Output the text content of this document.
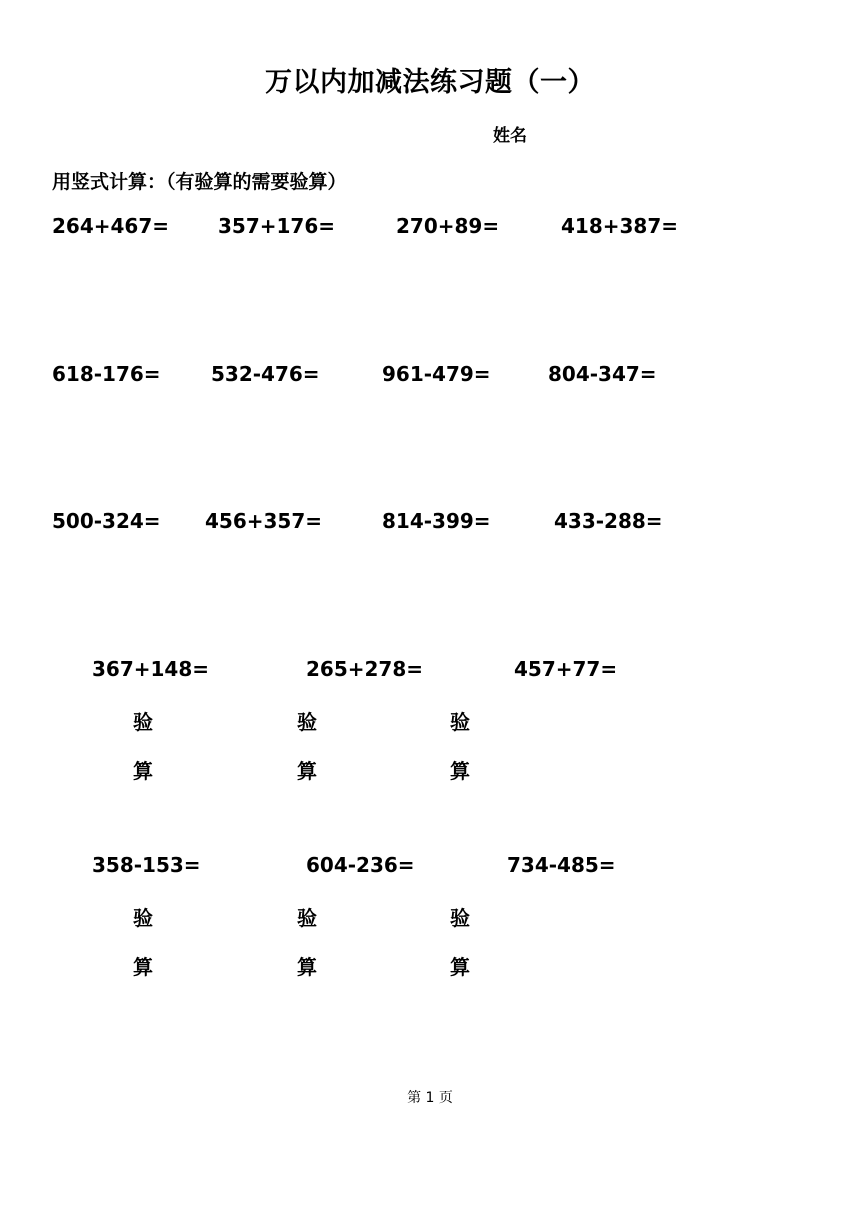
万以内加减法练习题（一）
姓名
用竖式计算：（有验算的需要验算）
264+467= 357+176=	270+89=	418+387=
618-176=	532-476=	961-479=	804-347=
500-324= 456+357=	814-399=	433-288=
367+148=	265+278=	457+77=
验	验	验
算	算	算
358-153=	604-236=	734-485=
验	验	验
算	算	算
第 1 页
